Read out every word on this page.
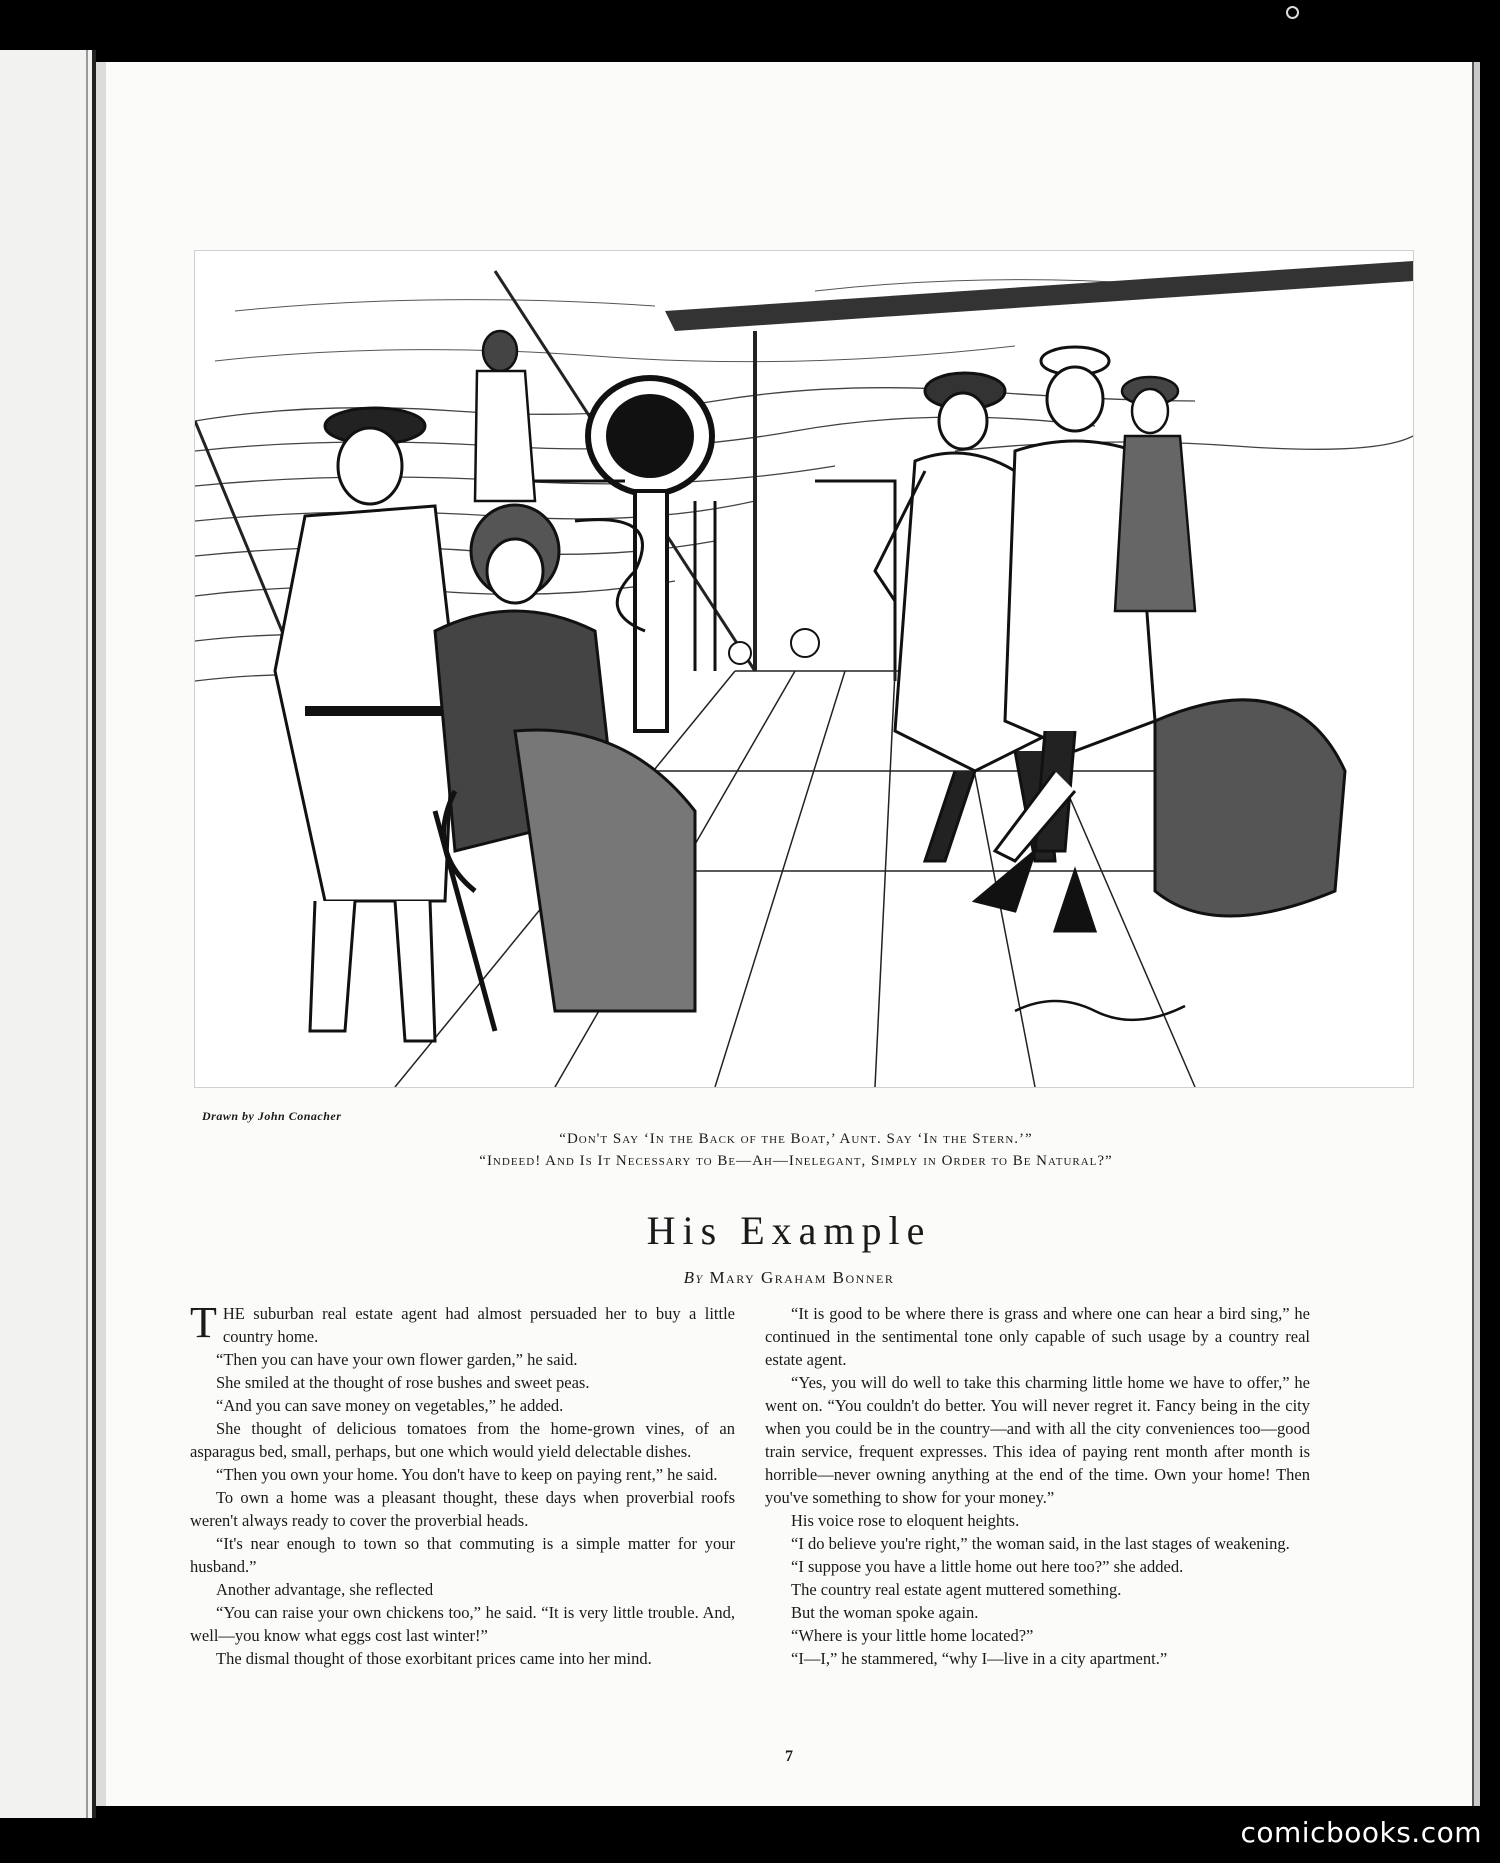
Drawn by John Conacher
“Don't Say ‘In the Back of the Boat,’ Aunt. Say ‘In the Stern.’”
“Indeed! And Is It Necessary to Be—Ah—Inelegant, Simply in Order to Be Natural?”
His Example
By Mary Graham Bonner

THE suburban real estate agent had almost persuaded her to buy a little country home.

“Then you can have your own flower garden,” he said.

She smiled at the thought of rose bushes and sweet peas.

“And you can save money on vegetables,” he added.

She thought of delicious tomatoes from the home-grown vines, of an asparagus bed, small, perhaps, but one which would yield delectable dishes.

“Then you own your home. You don't have to keep on paying rent,” he said.

To own a home was a pleasant thought, these days when proverbial roofs weren't always ready to cover the proverbial heads.

“It's near enough to town so that commuting is a simple matter for your husband.”

Another advantage, she reflected

“You can raise your own chickens too,” he said. “It is very little trouble. And, well—you know what eggs cost last winter!”

The dismal thought of those exorbitant prices came into her mind.

“It is good to be where there is grass and where one can hear a bird sing,” he continued in the sentimental tone only capable of such usage by a country real estate agent.

“Yes, you will do well to take this charming little home we have to offer,” he went on. “You couldn't do better. You will never regret it. Fancy being in the city when you could be in the country—and with all the city conveniences too—good train service, frequent expresses. This idea of paying rent month after month is horrible—never owning anything at the end of the time. Own your home! Then you've something to show for your money.”

His voice rose to eloquent heights.

“I do believe you're right,” the woman said, in the last stages of weakening.

“I suppose you have a little home out here too?” she added.

The country real estate agent muttered something.

But the woman spoke again.

“Where is your little home located?”

“I—I,” he stammered, “why I—live in a city apartment.”

7
comicbooks.com
